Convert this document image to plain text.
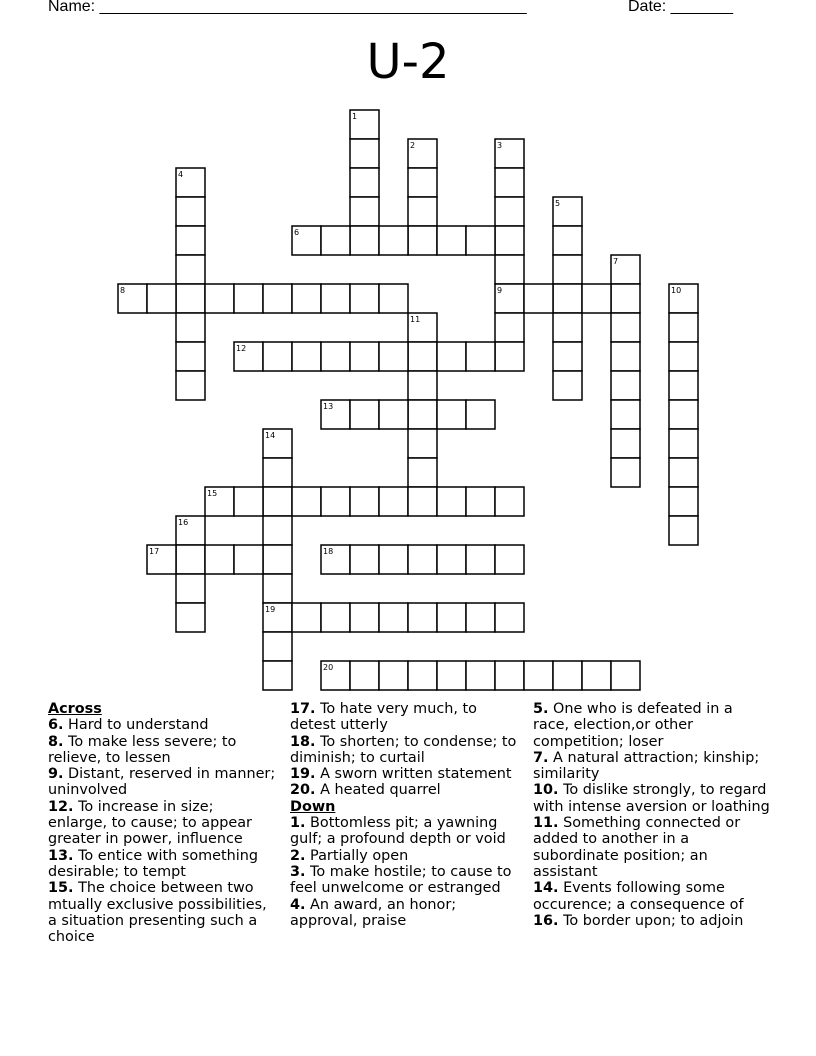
Name: ________________________________________________	Date: _______
U-2
1
2	3
4
5
6
7
8	9	10
11
12
13
14
15
16
17	18
19
20
Across
6. Hard to understand
8. To make less severe; to relieve, to lessen
9. Distant, reserved in manner; uninvolved
12. To increase in size; enlarge, to cause; to appear greater in power, influence
13. To entice with something desirable; to tempt
15. The choice between two mtually exclusive possibilities, a situation presenting such a choice
17. To hate very much, to detest utterly
18. To shorten; to condense; to diminish; to curtail
19. A sworn written statement
20. A heated quarrel
Down
1. Bottomless pit; a yawning gulf; a profound depth or void
2. Partially open
3. To make hostile; to cause to feel unwelcome or estranged
4. An award, an honor; approval, praise
5. One who is defeated in a race, election,or other competition; loser
7. A natural attraction; kinship; similarity
10. To dislike strongly, to regard with intense aversion or loathing
11. Something connected or added to another in a subordinate position; an assistant
14. Events following some occurence; a consequence of
16. To border upon; to adjoin
